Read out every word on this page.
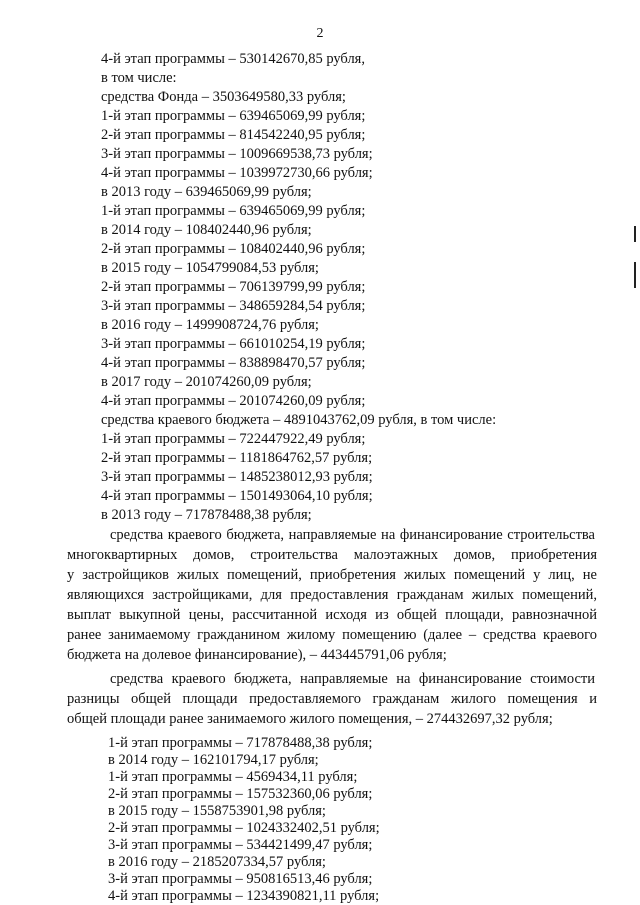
2
4-й этап программы – 530142670,85 рубля,
в том числе:
средства Фонда – 3503649580,33 рубля;
1-й этап программы – 639465069,99 рубля;
2-й этап программы – 814542240,95 рубля;
3-й этап программы – 1009669538,73 рубля;
4-й этап программы – 1039972730,66 рубля;
в 2013 году – 639465069,99 рубля;
1-й этап программы – 639465069,99 рубля;
в 2014 году – 108402440,96 рубля;
2-й этап программы – 108402440,96 рубля;
в 2015 году – 1054799084,53 рубля;
2-й этап программы – 706139799,99 рубля;
3-й этап программы – 348659284,54 рубля;
в 2016 году – 1499908724,76 рубля;
3-й этап программы – 661010254,19 рубля;
4-й этап программы – 838898470,57 рубля;
в 2017 году – 201074260,09 рубля;
4-й этап программы – 201074260,09 рубля;
средства краевого бюджета – 4891043762,09 рубля, в том числе:
1-й этап программы – 722447922,49 рубля;
2-й этап программы – 1181864762,57 рубля;
3-й этап программы – 1485238012,93 рубля;
4-й этап программы – 1501493064,10 рубля;
в 2013 году – 717878488,38 рубля;
средства краевого бюджета, направляемые на финансирование строительства
многоквартирных домов, строительства малоэтажных домов, приобретения
у застройщиков жилых помещений, приобретения жилых помещений у лиц, не
являющихся застройщиками, для предоставления гражданам жилых помещений,
выплат выкупной цены, рассчитанной исходя из общей площади, равнозначной
ранее занимаемому гражданином жилому помещению (далее – средства краевого
бюджета на долевое финансирование), – 443445791,06 рубля;
средства краевого бюджета, направляемые на финансирование стоимости
разницы общей площади предоставляемого гражданам жилого помещения и
общей площади ранее занимаемого жилого помещения, – 274432697,32 рубля;
1-й этап программы – 717878488,38 рубля;
в 2014 году – 162101794,17 рубля;
1-й этап программы – 4569434,11 рубля;
2-й этап программы – 157532360,06 рубля;
в 2015 году – 1558753901,98 рубля;
2-й этап программы – 1024332402,51 рубля;
3-й этап программы – 534421499,47 рубля;
в 2016 году – 2185207334,57 рубля;
3-й этап программы – 950816513,46 рубля;
4-й этап программы – 1234390821,11 рубля;
